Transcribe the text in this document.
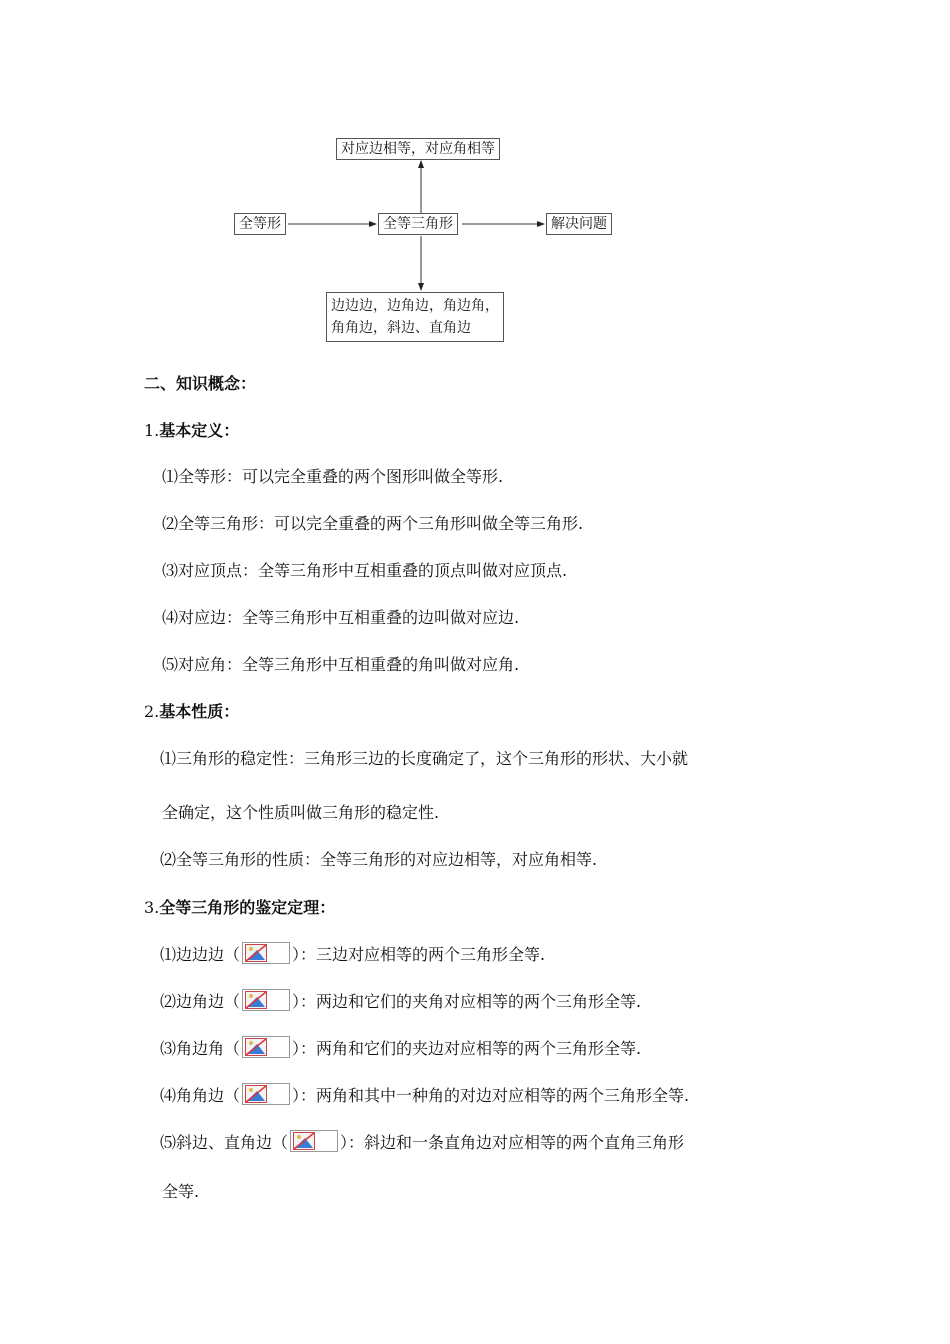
对应边相等，对应角相等
全等形	全等三角形	解决问题
边边边，边角边，角边角，
角角边，斜边、直角边
二、知识概念：
1.基本定义：
⑴全等形：可以完全重叠的两个图形叫做全等形.
⑵全等三角形：可以完全重叠的两个三角形叫做全等三角形.
⑶对应顶点：全等三角形中互相重叠的顶点叫做对应顶点.
⑷对应边：全等三角形中互相重叠的边叫做对应边.
⑸对应角：全等三角形中互相重叠的角叫做对应角.
2.基本性质：
⑴三角形的稳定性：三角形三边的长度确定了，这个三角形的形状、大小就
全确定，这个性质叫做三角形的稳定性.
⑵全等三角形的性质：全等三角形的对应边相等，对应角相等.
3.全等三角形的鉴定定理：
⑴边边边（	）：三边对应相等的两个三角形全等.
⑵边角边（	）：两边和它们的夹角对应相等的两个三角形全等.
⑶角边角（	）：两角和它们的夹边对应相等的两个三角形全等.
⑷角角边（	）：两角和其中一种角的对边对应相等的两个三角形全等.
⑸斜边、直角边（	）：斜边和一条直角边对应相等的两个直角三角形
全等.
